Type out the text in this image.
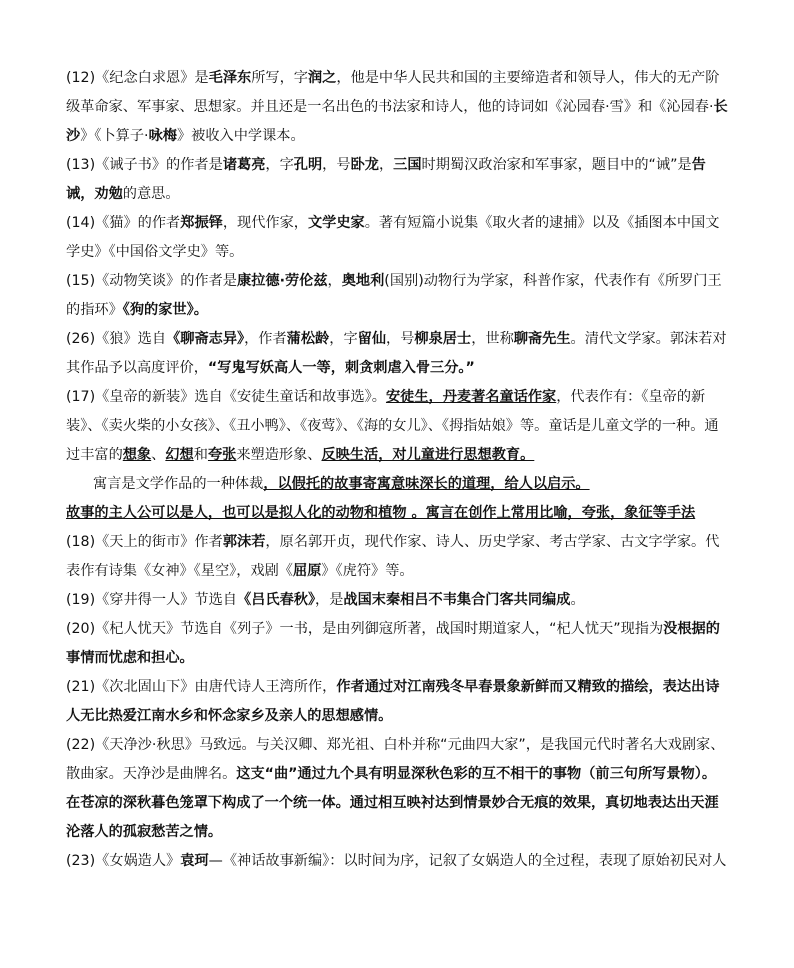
(12)《纪念白求恩》是毛泽东所写，字润之，他是中华人民共和国的主要缔造者和领导人，伟大的无产阶级革命家、军事家、思想家。并且还是一名出色的书法家和诗人，他的诗词如《沁园春·雪》和《沁园春·长沙》《卜算子·咏梅》被收入中学课本。
(13)《诫子书》的作者是诸葛亮，字孔明，号卧龙，三国时期蜀汉政治家和军事家，题目中的“诫”是告诫，劝勉的意思。
(14)《猫》的作者郑振铎，现代作家，文学史家。著有短篇小说集《取火者的逮捕》以及《插图本中国文学史》《中国俗文学史》等。
(15)《动物笑谈》的作者是康拉德·劳伦兹，奥地利(国别)动物行为学家，科普作家，代表作有《所罗门王的指环》《狗的家世》。
(26)《狼》选自《聊斋志异》，作者蒲松龄，字留仙，号柳泉居士，世称聊斋先生。清代文学家。郭沫若对其作品予以高度评价，“写鬼写妖高人一等，刺贪刺虐入骨三分。”
(17)《皇帝的新装》选自《安徒生童话和故事选》。安徒生，丹麦著名童话作家，代表作有：《皇帝的新装》、《卖火柴的小女孩》、《丑小鸭》、《夜莺》、《海的女儿》、《拇指姑娘》等。童话是儿童文学的一种。通过丰富的想象、幻想和夸张来塑造形象、反映生活，对儿童进行思想教育。
寓言是文学作品的一种体裁，以假托的故事寄寓意味深长的道理，给人以启示。
故事的主人公可以是人，也可以是拟人化的动物和植物 。寓言在创作上常用比喻，夸张，象征等手法
(18)《天上的街市》作者郭沫若，原名郭开贞，现代作家、诗人、历史学家、考古学家、古文字学家。代表作有诗集《女神》《星空》，戏剧《屈原》《虎符》等。
(19)《穿井得一人》节选自《吕氏春秋》，是战国末秦相吕不韦集合门客共同编成。
(20)《杞人忧天》节选自《列子》一书，是由列御寇所著，战国时期道家人，“杞人忧天”现指为没根据的事情而忧虑和担心。
(21)《次北固山下》由唐代诗人王湾所作，作者通过对江南残冬早春景象新鲜而又精致的描绘，表达出诗人无比热爱江南水乡和怀念家乡及亲人的思想感情。
(22)《天净沙·秋思》马致远。与关汉卿、郑光祖、白朴并称“元曲四大家”，是我国元代时著名大戏剧家、散曲家。天净沙是曲牌名。这支“曲”通过九个具有明显深秋色彩的互不相干的事物（前三句所写景物）。在苍凉的深秋暮色笼罩下构成了一个统一体。通过相互映衬达到情景妙合无痕的效果，真切地表达出天涯沦落人的孤寂愁苦之情。
(23)《女娲造人》袁珂—《神话故事新编》：以时间为序，记叙了女娲造人的全过程，表现了原始初民对人
